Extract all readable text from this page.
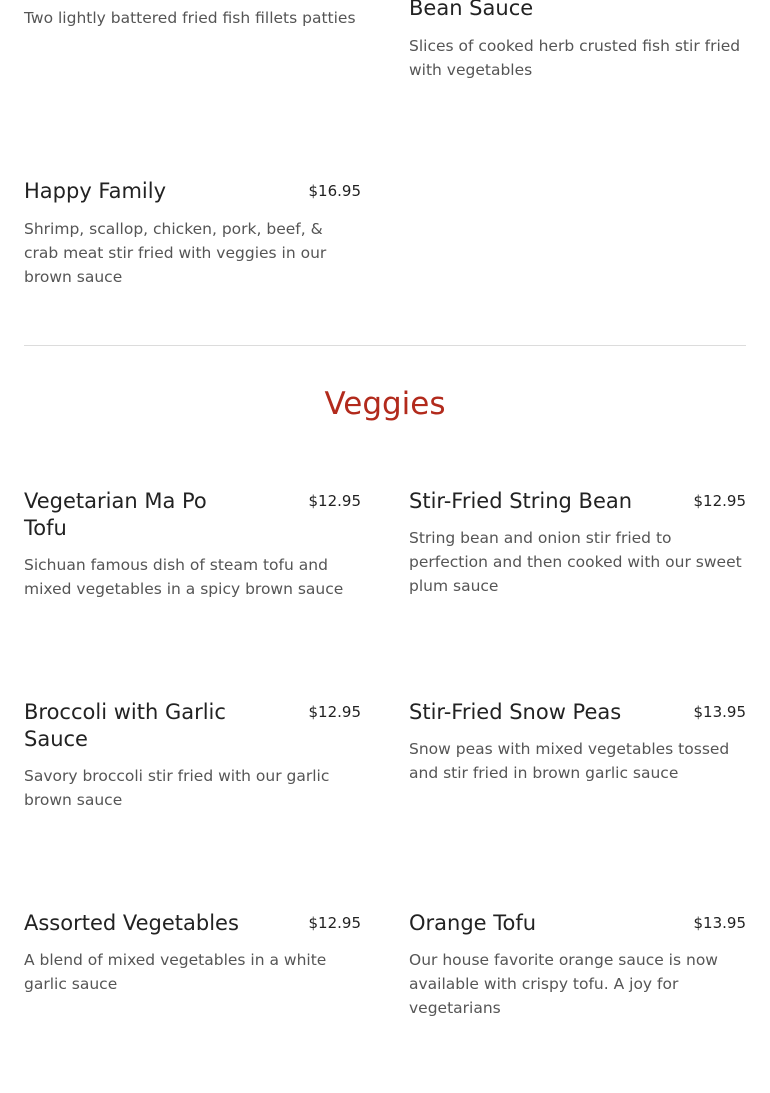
Two lightly battered fried fish fillets patties	Bean Sauce

Slices of cooked herb crusted fish stir fried with vegetables

Happy Family	$16.95

Shrimp, scallop, chicken, pork, beef, & crab meat stir fried with veggies in our brown sauce

Veggies
Vegetarian Ma Po Tofu
$12.95

Sichuan famous dish of steam tofu and mixed vegetables in a spicy brown sauce

Stir-Fried String Bean	$12.95

String bean and onion stir fried to perfection and then cooked with our sweet plum sauce

Broccoli with Garlic Sauce
$12.95

Savory broccoli stir fried with our garlic brown sauce

Stir-Fried Snow Peas	$13.95

Snow peas with mixed vegetables tossed and stir fried in brown garlic sauce

Assorted Vegetables	$12.95

A blend of mixed vegetables in a white garlic sauce

Orange Tofu	$13.95

Our house favorite orange sauce is now available with crispy tofu. A joy for vegetarians
